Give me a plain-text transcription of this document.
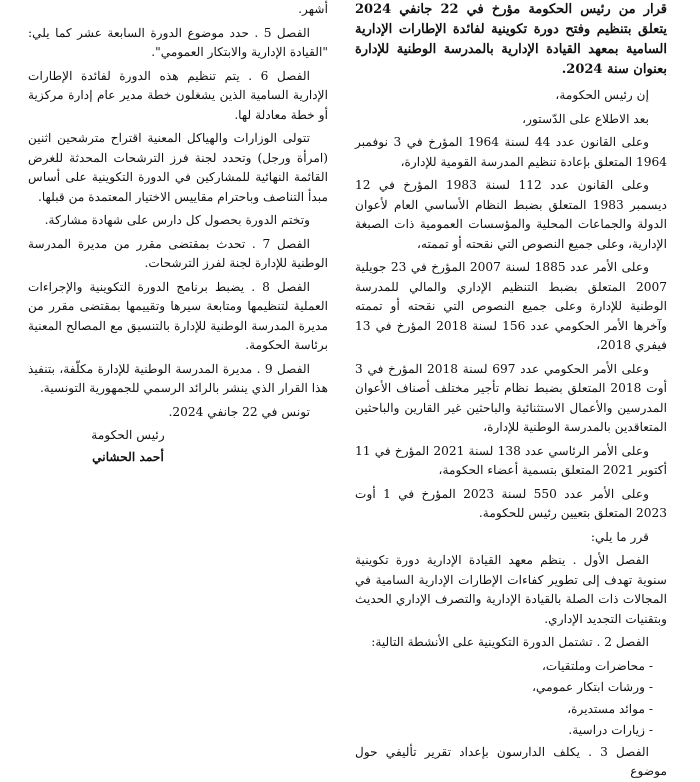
قرار من رئيس الحكومة مؤرخ في 22 جانفي 2024 يتعلق بتنظيم وفتح دورة تكوينية لفائدة الإطارات الإدارية السامية بمعهد القيادة الإدارية بالمدرسة الوطنية للإدارة بعنوان سنة 2024.

إن رئيس الحكومة،

بعد الاطلاع على الدّستور،

وعلى القانون عدد 44 لسنة 1964 المؤرخ في 3 نوفمبر 1964 المتعلق بإعادة تنظيم المدرسة القومية للإدارة،

وعلى القانون عدد 112 لسنة 1983 المؤرخ في 12 ديسمبر 1983 المتعلق بضبط النظام الأساسي العام لأعوان الدولة والجماعات المحلية والمؤسسات العمومية ذات الصبغة الإدارية، وعلى جميع النصوص التي نقحته أو تممته،

وعلى الأمر عدد 1885 لسنة 2007 المؤرخ في 23 جويلية 2007 المتعلق بضبط التنظيم الإداري والمالي للمدرسة الوطنية للإدارة وعلى جميع النصوص التي نقحته أو تممته وآخرها الأمر الحكومي عدد 156 لسنة 2018 المؤرخ في 13 فيفري 2018،

وعلى الأمر الحكومي عدد 697 لسنة 2018 المؤرخ في 3 أوت 2018 المتعلق بضبط نظام تأجير مختلف أصناف الأعوان المدرسين والأعمال الاستثنائية والباحثين غير القارين والباحثين المتعاقدين بالمدرسة الوطنية للإدارة،

وعلى الأمر الرئاسي عدد 138 لسنة 2021 المؤرخ في 11 أكتوبر 2021 المتعلق بتسمية أعضاء الحكومة،

وعلى الأمر عدد 550 لسنة 2023 المؤرخ في 1 أوت 2023 المتعلق بتعيين رئيس للحكومة.

قرر ما يلي:

الفصل الأول . ينظم معهد القيادة الإدارية دورة تكوينية سنوية تهدف إلى تطوير كفاءات الإطارات الإدارية السامية في المجالات ذات الصلة بالقيادة الإدارية والتصرف الإداري الحديث وبتقنيات التجديد الإداري.

الفصل 2 . تشتمل الدورة التكوينية على الأنشطة التالية:

- محاضرات وملتقيات،

- ورشات ابتكار عمومي،

- موائد مستديرة،

- زيارات دراسية.

الفصل 3 . يكلف الدارسون بإعداد تقرير تأليفي حول موضوع

أشهر.

الفصل 5 . حدد موضوع الدورة السابعة عشر كما يلي: "القيادة الإدارية والابتكار العمومي".

الفصل 6 . يتم تنظيم هذه الدورة لفائدة الإطارات الإدارية السامية الذين يشغلون خطة مدير عام إدارة مركزية أو خطة معادلة لها.

تتولى الوزارات والهياكل المعنية اقتراح مترشحين اثنين (امرأة ورجل) وتحدد لجنة فرز الترشحات المحدثة للغرض القائمة النهائية للمشاركين في الدورة التكوينية على أساس مبدأ التناصف وباحترام مقاييس الاختيار المعتمدة من قبلها.

وتختم الدورة بحصول كل دارس على شهادة مشاركة.

الفصل 7 . تحدث بمقتضى مقرر من مديرة المدرسة الوطنية للإدارة لجنة لفرز الترشحات.

الفصل 8 . يضبط برنامج الدورة التكوينية والإجراءات العملية لتنظيمها ومتابعة سيرها وتقييمها بمقتضى مقرر من مديرة المدرسة الوطنية للإدارة بالتنسيق مع المصالح المعنية برئاسة الحكومة.

الفصل 9 . مديرة المدرسة الوطنية للإدارة مكلّفة، بتنفيذ هذا القرار الذي ينشر بالرائد الرسمي للجمهورية التونسية.

تونس في 22 جانفي 2024.

رئيس الحكومة

أحمد الحشاني
